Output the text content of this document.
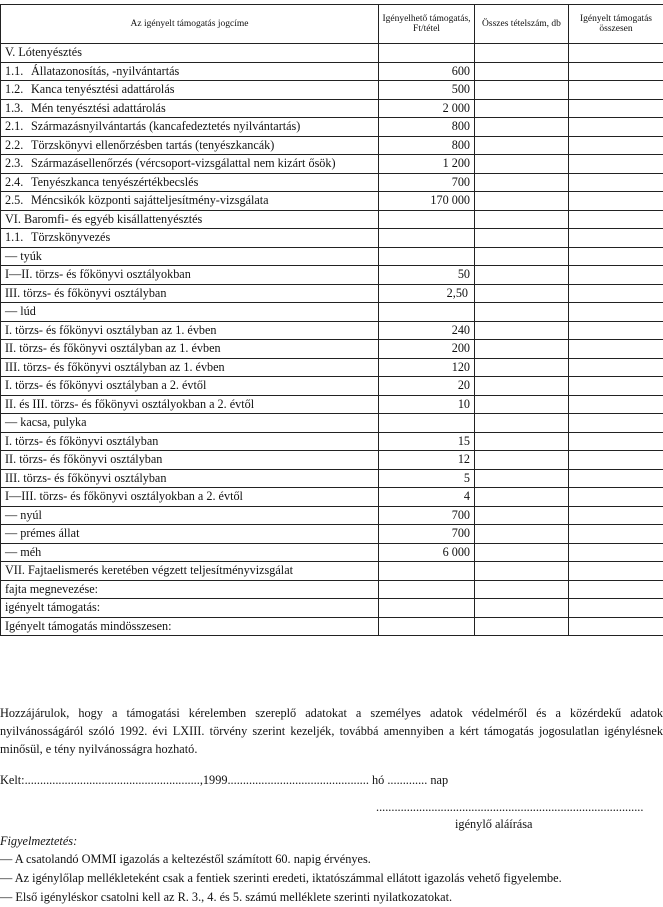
Az igényelt támogatás jogcíme	Igényelhető támogatás, Ft/tétel	Összes tételszám, db	Igényelt támogatás összesen

V. Lótenyésztés			

1.1. Állatazonosítás, -nyilvántartás	600		

1.2. Kanca tenyésztési adattárolás	500		

1.3. Mén tenyésztési adattárolás	2 000		

2.1. Származásnyilvántartás (kancafedeztetés nyilvántartás)	800		

2.2. Törzskönyvi ellenőrzésben tartás (tenyészkancák)	800		

2.3. Származásellenőrzés (vércsoport-vizsgálattal nem kizárt ősök)	1 200		

2.4. Tenyészkanca tenyészértékbecslés	700		

2.5. Méncsikók központi sajátteljesítmény-vizsgálata	170 000		

VI. Baromfi- és egyéb kisállattenyésztés			

1.1. Törzskönyvezés			

— tyúk			

I—II. törzs- és főkönyvi osztályokban	50		

III. törzs- és főkönyvi osztályban	2,50		

— lúd			

I. törzs- és főkönyvi osztályban az 1. évben	240		

II. törzs- és főkönyvi osztályban az 1. évben	200		

III. törzs- és főkönyvi osztályban az 1. évben	120		

I. törzs- és főkönyvi osztályban a 2. évtől	20		

II. és III. törzs- és főkönyvi osztályokban a 2. évtől	10		

— kacsa, pulyka			

I. törzs- és főkönyvi osztályban	15		

II. törzs- és főkönyvi osztályban	12		

III. törzs- és főkönyvi osztályban	5		

I—III. törzs- és főkönyvi osztályokban a 2. évtől	4		

— nyúl	700		

— prémes állat	700		

— méh	6 000		

VII. Fajtaelismerés keretében végzett teljesítményvizsgálat			

fajta megnevezése:			

igényelt támogatás:			

Igényelt támogatás mindösszesen:			

Hozzájárulok, hogy a támogatási kérelemben szereplő adatokat a személyes adatok védelméről és a közérdekű adatok nyilvánosságáról szóló 1992. évi LXIII. törvény szerint kezeljék, továbbá amennyiben a kért támogatás jogosulatlan igénylésnek minősül, e tény nyilvánosságra hozható.
Kelt:.........................................................,1999.............................................. hó ............. nap
.......................................................................................
igénylő aláírása
Figyelmeztetés:
— A csatolandó OMMI igazolás a keltezéstől számított 60. napig érvényes.
— Az igénylőlap mellékleteként csak a fentiek szerinti eredeti, iktatószámmal ellátott igazolás vehető figyelembe.
— Első igényléskor csatolni kell az R. 3., 4. és 5. számú melléklete szerinti nyilatkozatokat.
